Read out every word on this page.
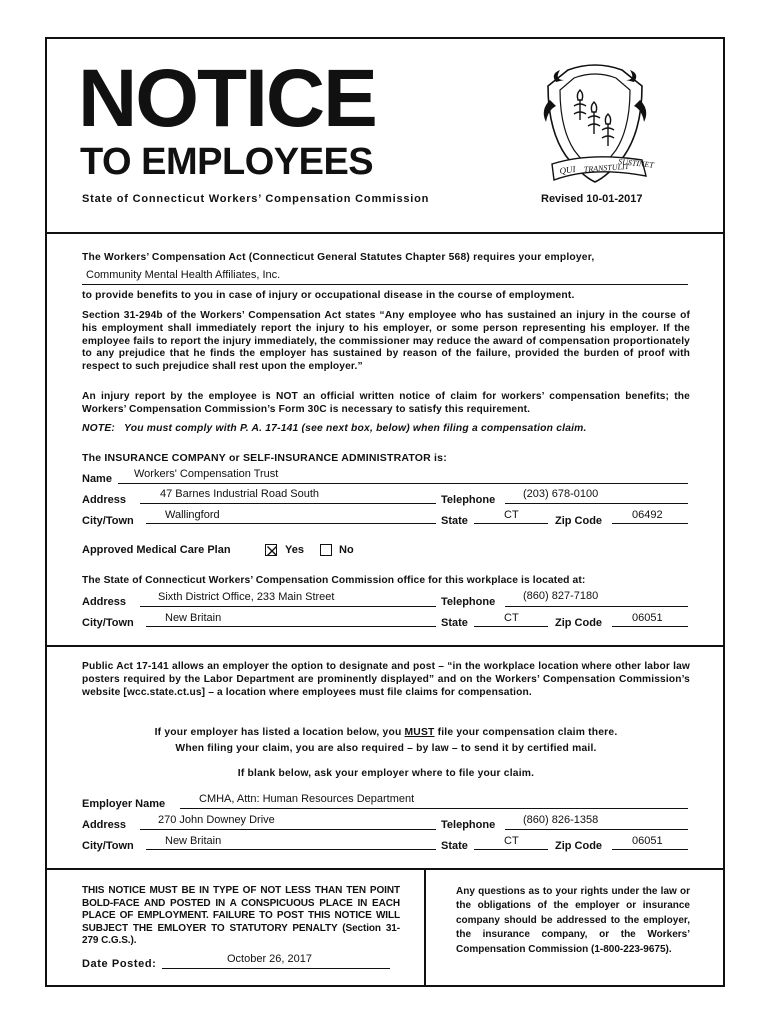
NOTICE
TO EMPLOYEES
State of Connecticut Workers’ Compensation Commission	Revised 10-01-2017
QUI TRANSTULIT
SUSTINET
The Workers’ Compensation Act (Connecticut General Statutes Chapter 568) requires your employer,
Community Mental Health Affiliates, Inc.
to provide benefits to you in case of injury or occupational disease in the course of employment.

Section 31-294b of the Workers’ Compensation Act states “Any employee who has sustained an injury in the course of his employment shall immediately report the injury to his employer, or some person representing his employer. If the employee fails to report the injury immediately, the commissioner may reduce the award of compensation proportionately to any prejudice that he finds the employer has sustained by reason of the failure, provided the burden of proof with respect to such prejudice shall rest upon the employer.”

An injury report by the employee is NOT an official written notice of claim for workers’ compensation benefits; the Workers’ Compensation Commission’s Form 30C is necessary to satisfy this requirement.

NOTE:   You must comply with P. A. 17-141 (see next box, below) when filing a compensation claim.
The INSURANCE COMPANY or SELF-INSURANCE ADMINISTRATOR is:
Name Workers' Compensation Trust
Address	47 Barnes Industrial Road South	Telephone	(203) 678-0100
City/Town	Wallingford	State	CT	Zip Code	06492
Approved Medical Care Plan	Yes	No
The State of Connecticut Workers’ Compensation Commission office for this workplace is located at:
Address	Sixth District Office, 233 Main Street	Telephone	(860) 827-7180
City/Town	New Britain	State	CT	Zip Code	06051

Public Act 17-141 allows an employer the option to designate and post – “in the workplace location where other labor law posters required by the Labor Department are prominently displayed” and on the Workers’ Compensation Commission’s website [wcc.state.ct.us] – a location where employees must file claims for compensation.

If your employer has listed a location below, you MUST file your compensation claim there.
When filing your claim, you are also required – by law – to send it by certified mail.
If blank below, ask your employer where to file your claim.
Employer Name	CMHA, Attn: Human Resources Department
Address	270 John Downey Drive	Telephone	(860) 826-1358
City/Town	New Britain	State	CT	Zip Code	06051
THIS NOTICE MUST BE IN TYPE OF NOT LESS THAN TEN POINT BOLD-FACE AND POSTED IN A CONSPICUOUS PLACE IN EACH PLACE OF EMPLOYMENT. FAILURE TO POST THIS NOTICE WILL SUBJECT THE EMLOYER TO STATUTORY PENALTY (Section 31-279 C.G.S.).
Date Posted:	October 26, 2017
Any questions as to your rights under the law or the obligations of the employer or insurance company should be addressed to the employer, the insurance company, or the Workers’ Compensation Commission (1-800-223-9675).
